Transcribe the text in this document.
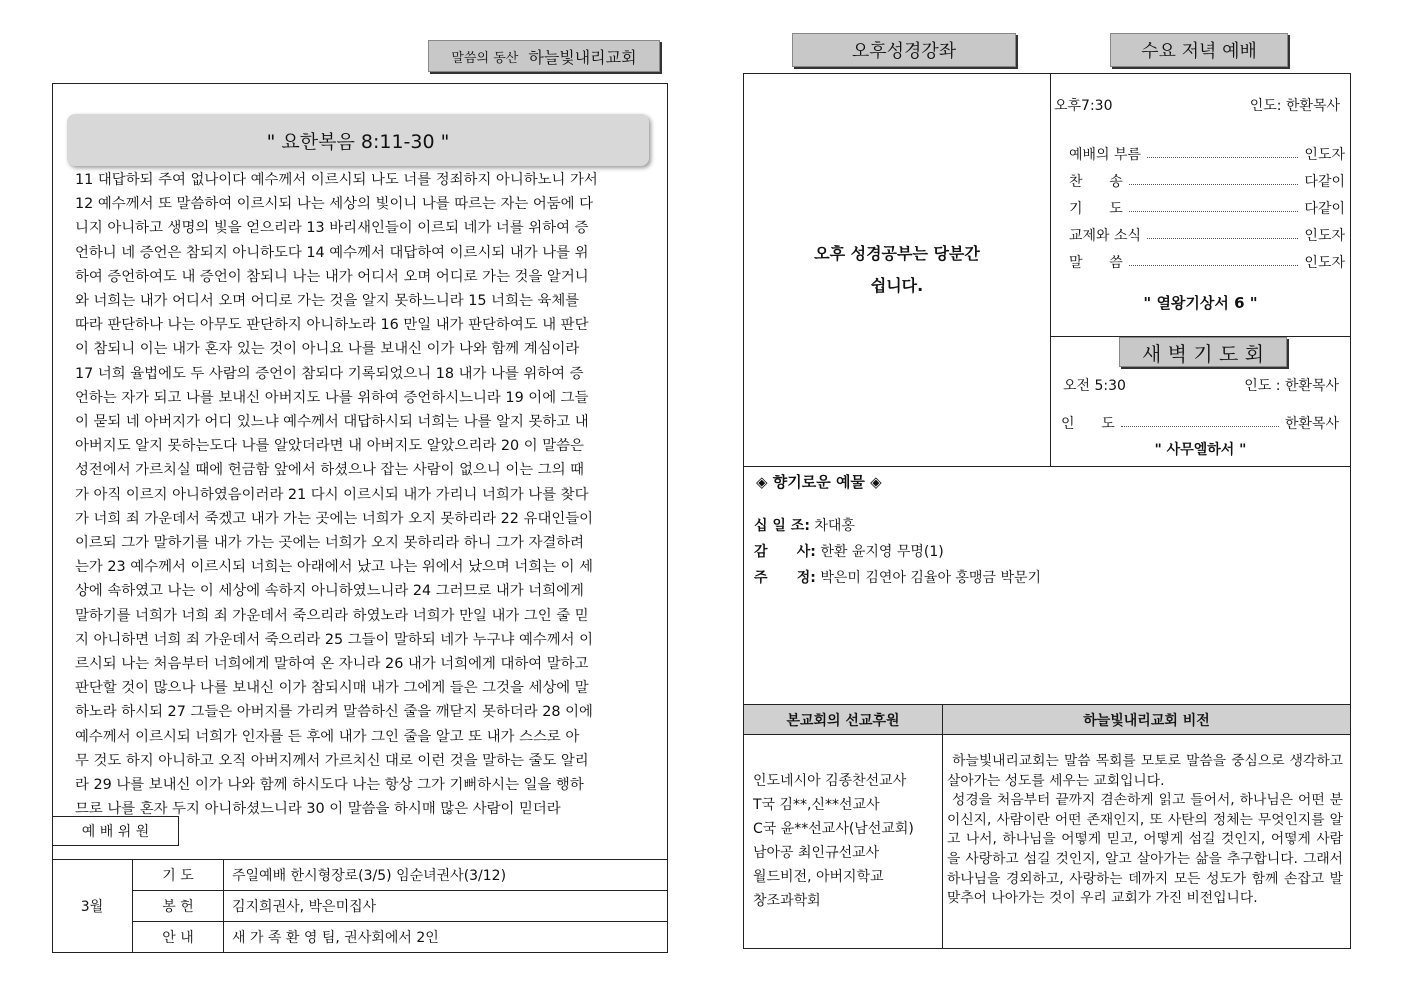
말씀의 동산 하늘빛내리교회
" 요한복음 8:11-30 "
11 대답하되 주여 없나이다 예수께서 이르시되 나도 너를 정죄하지 아니하노니 가서
12 예수께서 또 말씀하여 이르시되 나는 세상의 빛이니 나를 따르는 자는 어둠에 다
니지 아니하고 생명의 빛을 얻으리라 13 바리새인들이 이르되 네가 너를 위하여 증
언하니 네 증언은 참되지 아니하도다 14 예수께서 대답하여 이르시되 내가 나를 위
하여 증언하여도 내 증언이 참되니 나는 내가 어디서 오며 어디로 가는 것을 알거니
와 너희는 내가 어디서 오며 어디로 가는 것을 알지 못하느니라 15 너희는 육체를
따라 판단하나 나는 아무도 판단하지 아니하노라 16 만일 내가 판단하여도 내 판단
이 참되니 이는 내가 혼자 있는 것이 아니요 나를 보내신 이가 나와 함께 계심이라
17 너희 율법에도 두 사람의 증언이 참되다 기록되었으니 18 내가 나를 위하여 증
언하는 자가 되고 나를 보내신 아버지도 나를 위하여 증언하시느니라 19 이에 그들
이 묻되 네 아버지가 어디 있느냐 예수께서 대답하시되 너희는 나를 알지 못하고 내
아버지도 알지 못하는도다 나를 알았더라면 내 아버지도 알았으리라 20 이 말씀은
성전에서 가르치실 때에 헌금함 앞에서 하셨으나 잡는 사람이 없으니 이는 그의 때
가 아직 이르지 아니하였음이러라 21 다시 이르시되 내가 가리니 너희가 나를 찾다
가 너희 죄 가운데서 죽겠고 내가 가는 곳에는 너희가 오지 못하리라 22 유대인들이
이르되 그가 말하기를 내가 가는 곳에는 너희가 오지 못하리라 하니 그가 자결하려
는가 23 예수께서 이르시되 너희는 아래에서 났고 나는 위에서 났으며 너희는 이 세
상에 속하였고 나는 이 세상에 속하지 아니하였느니라 24 그러므로 내가 너희에게
말하기를 너희가 너희 죄 가운데서 죽으리라 하였노라 너희가 만일 내가 그인 줄 믿
지 아니하면 너희 죄 가운데서 죽으리라 25 그들이 말하되 네가 누구냐 예수께서 이
르시되 나는 처음부터 너희에게 말하여 온 자니라 26 내가 너희에게 대하여 말하고
판단할 것이 많으나 나를 보내신 이가 참되시매 내가 그에게 들은 그것을 세상에 말
하노라 하시되 27 그들은 아버지를 가리켜 말씀하신 줄을 깨닫지 못하더라 28 이에
예수께서 이르시되 너희가 인자를 든 후에 내가 그인 줄을 알고 또 내가 스스로 아
무 것도 하지 아니하고 오직 아버지께서 가르치신 대로 이런 것을 말하는 줄도 알리
라 29 나를 보내신 이가 나와 함께 하시도다 나는 항상 그가 기뻐하시는 일을 행하
므로 나를 혼자 두지 아니하셨느니라 30 이 말씀을 하시매 많은 사람이 믿더라
예 배 위 원
3월	기 도	주일예배 한시형장로(3/5) 임순녀권사(3/12)
	봉 헌	김지희권사, 박은미집사
	안 내	새 가 족 환 영 팀, 권사회에서 2인
오후성경강좌	수요 저녁 예배
오후 성경공부는 당분간
쉽니다.
오후7:30	인도: 한환목사
예배의 부름	인도자
찬      송	다같이
기      도	다같이
교제와 소식	인도자
말      씀	인도자
" 열왕기상서 6 "
새 벽 기 도 회
오전 5:30	인도 : 한환목사
인      도	한환목사
" 사무엘하서 "
◈ 향기로운 예물 ◈
십 일 조: 차대홍
감      사: 한환 윤지영 무명(1)
주      정: 박은미 김연아 김율아 홍맹금 박문기
본교회의 선교후원	하늘빛내리교회 비전
인도네시아 김종찬선교사
T국 김**,신**선교사
C국 윤**선교사(남선교회)
남아공 최인규선교사
월드비전, 아버지학교
창조과학회
하늘빛내리교회는 말씀 목회를 모토로 말씀을 중심으로 생각하고 살아가는 성도를 세우는 교회입니다.
성경을 처음부터 끝까지 겸손하게 읽고 들어서, 하나님은 어떤 분이신지, 사람이란 어떤 존재인지, 또 사탄의 정체는 무엇인지를 알고 나서, 하나님을 어떻게 믿고, 어떻게 섬길 것인지, 어떻게 사람을 사랑하고 섬길 것인지, 알고 살아가는 삶을 추구합니다. 그래서 하나님을 경외하고, 사랑하는 데까지 모든 성도가 함께 손잡고 발 맞추어 나아가는 것이 우리 교회가 가진 비전입니다.
